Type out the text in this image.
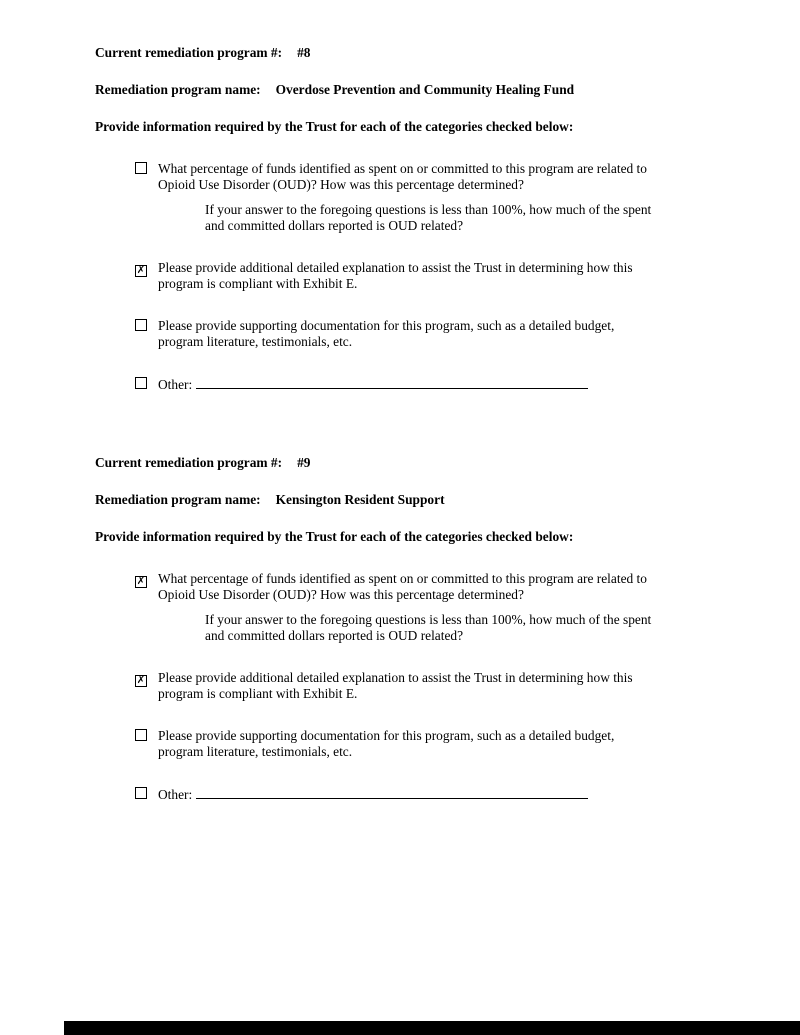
Current remediation program #: #8

Remediation program name: Overdose Prevention and Community Healing Fund

Provide information required by the Trust for each of the categories checked below:

What percentage of funds identified as spent on or committed to this program are related to Opioid Use Disorder (OUD)? How was this percentage determined?
If your answer to the foregoing questions is less than 100%, how much of the spent and committed dollars reported is OUD related?
✗ Please provide additional detailed explanation to assist the Trust in determining how this program is compliant with Exhibit E.
Please provide supporting documentation for this program, such as a detailed budget, program literature, testimonials, etc.
Other:

Current remediation program #: #9

Remediation program name: Kensington Resident Support

Provide information required by the Trust for each of the categories checked below:

✗ What percentage of funds identified as spent on or committed to this program are related to Opioid Use Disorder (OUD)? How was this percentage determined?
If your answer to the foregoing questions is less than 100%, how much of the spent and committed dollars reported is OUD related?
✗ Please provide additional detailed explanation to assist the Trust in determining how this program is compliant with Exhibit E.
Please provide supporting documentation for this program, such as a detailed budget, program literature, testimonials, etc.
Other:
